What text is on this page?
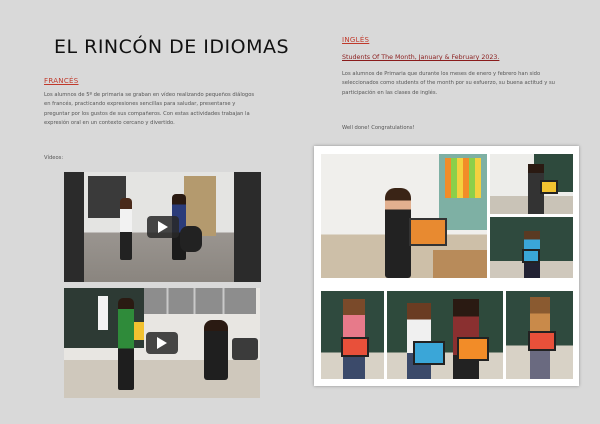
EL RINCÓN DE IDIOMAS
FRANCÉS
Los alumnos de 5º de primaria se graban en vídeo realizando pequeños diálogos en francés, practicando expresiones sencillas para saludar, presentarse y preguntar por los gustos de sus compañeros. Con estas actividades trabajan la expresión oral en un contexto cercano y divertido.
Vídeos:
INGLÉS
Students Of The Month, January & February 2023.
Los alumnos de Primaria que durante los meses de enero y febrero han sido seleccionados como students of the month por su esfuerzo, su buena actitud y su participación en las clases de inglés.
Well done! Congratulations!
